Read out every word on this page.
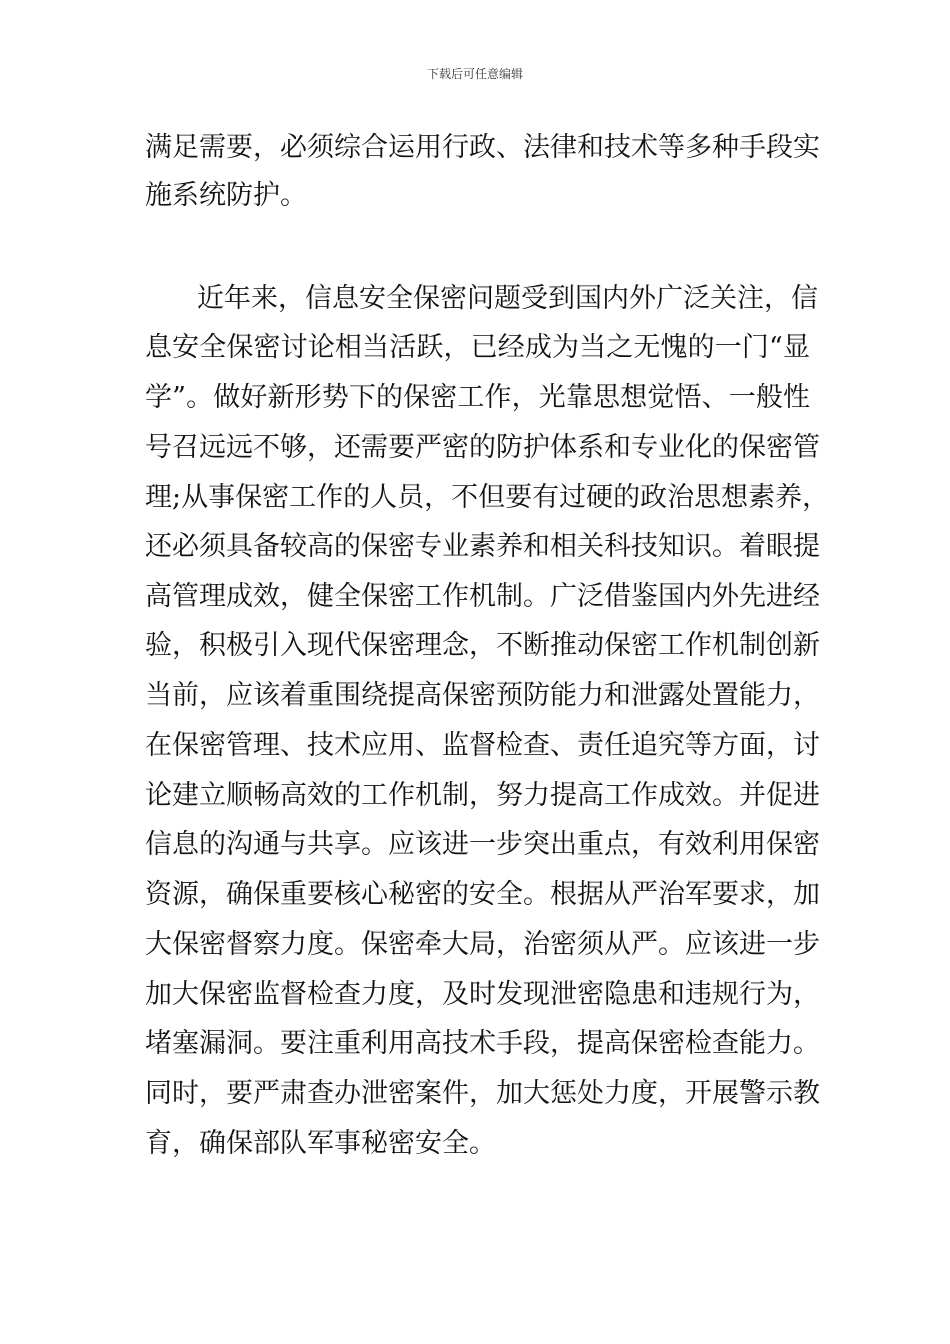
下载后可任意编辑
满足需要，必须综合运用行政、法律和技术等多种手段实
施系统防护。
近年来，信息安全保密问题受到国内外广泛关注，信
息安全保密讨论相当活跃，已经成为当之无愧的一门“显
学”。做好新形势下的保密工作，光靠思想觉悟、一般性
号召远远不够，还需要严密的防护体系和专业化的保密管
理;从事保密工作的人员，不但要有过硬的政治思想素养，
还必须具备较高的保密专业素养和相关科技知识。着眼提
高管理成效，健全保密工作机制。广泛借鉴国内外先进经
验，积极引入现代保密理念，不断推动保密工作机制创新
当前，应该着重围绕提高保密预防能力和泄露处置能力，
在保密管理、技术应用、监督检查、责任追究等方面，讨
论建立顺畅高效的工作机制，努力提高工作成效。并促进
信息的沟通与共享。应该进一步突出重点，有效利用保密
资源，确保重要核心秘密的安全。根据从严治军要求，加
大保密督察力度。保密牵大局，治密须从严。应该进一步
加大保密监督检查力度，及时发现泄密隐患和违规行为，
堵塞漏洞。要注重利用高技术手段，提高保密检查能力。
同时，要严肃查办泄密案件，加大惩处力度，开展警示教
育，确保部队军事秘密安全。
